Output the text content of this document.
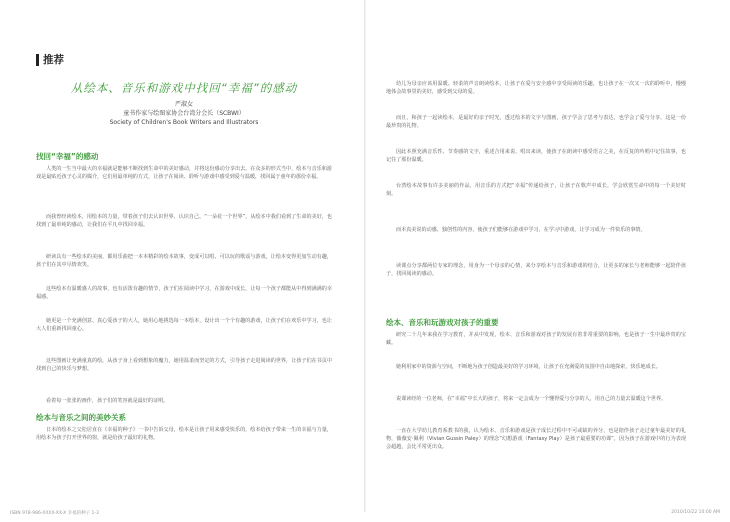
推荐
从绘本、音乐和游戏中找回“幸福”的感动
严淑女
童书作家与绘图家协会台湾分会长（SCBWI）
Society of Children's Book Writers and Illustrators
找回“幸福”的感动
人类的一生当中最大的幸福就是能够不断找到生命中的美好感动，并将这份感动分享出去。在众多的形式当中，绘本与音乐和游戏是最贴近孩子心灵的媒介，它们用最单纯的方式，让孩子在阅读、聆听与游戏中感受到爱与温暖，找回属于童年的那份幸福。
而我曾经读绘本，用绘本的力量，带着孩子们去认识世界、认识自己。“一朵花一个世界”，从绘本中我们看到了生命的美好，也找到了最单纯的感动，让我们在平凡中找回幸福。
研读具有一些绘本的美丽，都用乐曲把一本本精彩的绘本故事，变成可以唱、可以玩的歌谣与游戏，让绘本变得更加生动有趣，孩子们在其中尽情欢笑。
这些绘本有温暖感人的故事，也有活泼有趣的情节，孩子们在阅读中学习，在游戏中成长，让每一个孩子都能从中得到满满的幸福感。
她更是一个充满创意、真心爱孩子的大人，她用心地挑选每一本绘本，设计出一个个有趣的游戏，让孩子们在欢乐中学习，也让大人们重新找回童心。
这些图画让充满童真的绘，从孩子身上看到想象的魔力，她用温柔而坚定的方式，引导孩子走进阅读的世界，让孩子们在书页中找到自己的快乐与梦想。
看着每一张张的画作，孩子们的笑容就是最好的证明。
绘本与音乐之间的美妙关系
日本的绘本之父松居直在《幸福的种子》一书中告诉父母，绘本是让孩子用来感受快乐的，绘本给孩子带来一生的幸福与力量，用绘本为孩子打开世界的窗，就是给孩子最好的礼物。
幼儿为母亲应该用温暖、轻柔的声音朗读绘本，让孩子在爱与安全感中享受阅读的乐趣，也让孩子在一次又一次的聆听中，慢慢地体会故事里的美好，感受到父母的爱。
而且，和孩子一起读绘本，是最好的亲子时光，透过绘本的文字与图画，孩子学会了思考与表达，也学会了爱与分享，这是一份最珍贵的礼物。
因此本照充满音乐性、节奏感的文字，重述合用来说、唱出来读，使孩子在朗读中感受语言之美，在反复的吟唱中记住故事，也记住了那份温暖。
台湾绘本故事有许多美丽的作品，用音乐的方式把“幸福”传递给孩子，让孩子在歌声中成长，学会欣赏生命中的每一个美好时刻。
而本真美说的动感、独创性的内容，使孩子们能够在游戏中学习，在学习中游戏，让学习成为一件快乐的事情。
读课点分享都两位专家的理念，用身为一个母亲的心情，来分享绘本与音乐和游戏的结合，让更多的家长与老师能够一起陪伴孩子，找回阅读的感动。
绘本、音乐和玩游戏对孩子的重要
研究二十几年来我在学习教育，并从中发现，绘本、音乐和游戏对孩子的发展有着非常重要的影响，也是孩子一生中最珍贵的宝藏。
她利用家中的资源与空间，不断地为孩子创造最美好的学习环境，让孩子在充满爱的氛围中自由地探索，快乐地成长。
说课读经的一位老师，在“幸福”中长大的孩子，将来一定会成为一个懂得爱与分享的人，用自己的力量去温暖这个世界。
一直在大学幼儿教育系教书的我，认为绘本、音乐和游戏是孩子成长过程中不可或缺的养分，也是陪伴孩子走过童年最美好的礼物，薇薇安·佩利（Vivian Gussin Paley）的理念“幻想游戏（Fantasy Play）是孩子最重要的功课”，因为孩子在游戏中的行为表现会超越，会比平常更出众。
ISBN 978-986-XXXX-XX-X 幸福的种子 1-3	2010/10/22 10:00 AM
